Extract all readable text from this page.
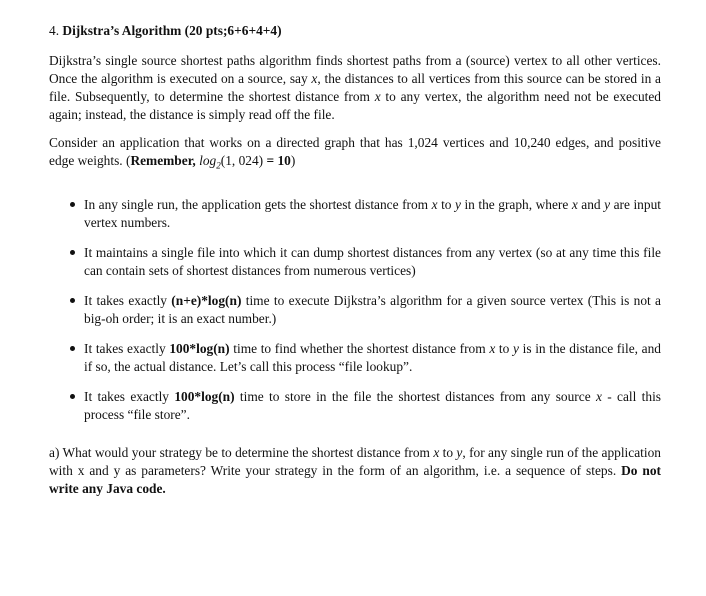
4. Dijkstra’s Algorithm (20 pts;6+6+4+4)

Dijkstra’s single source shortest paths algorithm finds shortest paths from a (source) vertex to all other vertices. Once the algorithm is executed on a source, say x, the distances to all vertices from this source can be stored in a file. Subsequently, to determine the shortest distance from x to any vertex, the algorithm need not be executed again; instead, the distance is simply read off the file.

Consider an application that works on a directed graph that has 1,024 vertices and 10,240 edges, and positive edge weights. (Remember, $\log_2(1$, 024) = 10)

In any single run, the application gets the shortest distance from x to y in the graph, where x and y are input vertex numbers.
It maintains a single file into which it can dump shortest distances from any vertex (so at any time this file can contain sets of shortest distances from numerous vertices)
It takes exactly (n+e)*log(n) time to execute Dijkstra’s algorithm for a given source vertex (This is not a big-oh order; it is an exact number.)
It takes exactly 100*log(n) time to find whether the shortest distance from x to y is in the distance file, and if so, the actual distance. Let’s call this process “file lookup”.
It takes exactly 100*log(n) time to store in the file the shortest distances from any source x - call this process “file store”.

a) What would your strategy be to determine the shortest distance from x to y, for any single run of the application with x and y as parameters? Write your strategy in the form of an algorithm, i.e. a sequence of steps. Do not write any Java code.
